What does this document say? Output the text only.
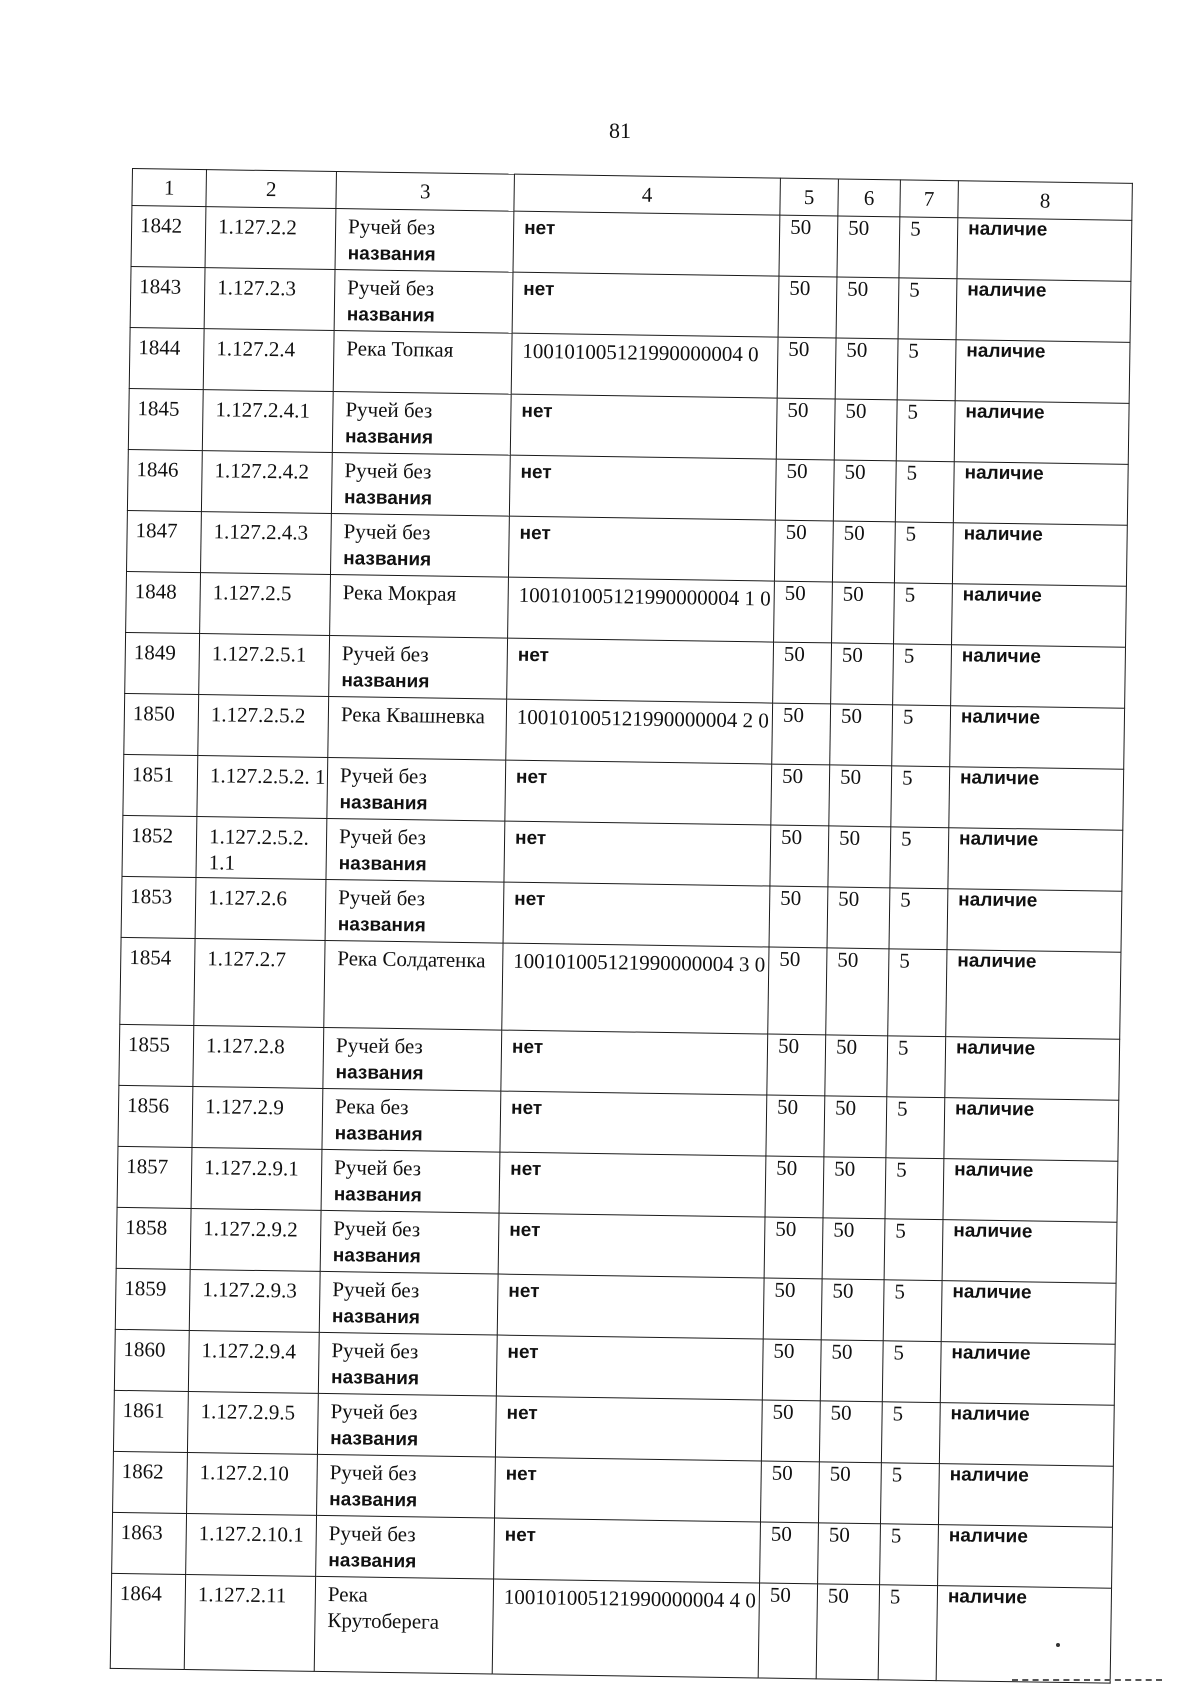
81
1	2	3	4	5	6	7	8
1842	1.127.2.2	Ручей без
названия	нет	50	50	5	наличие
1843	1.127.2.3	Ручей без
названия	нет	50	50	5	наличие
1844	1.127.2.4	Река Топкая	100101005121990000004 0	50	50	5	наличие
1845	1.127.2.4.1	Ручей без
названия	нет	50	50	5	наличие
1846	1.127.2.4.2	Ручей без
названия	нет	50	50	5	наличие
1847	1.127.2.4.3	Ручей без
названия	нет	50	50	5	наличие
1848	1.127.2.5	Река Мокрая	100101005121990000004 1 0	50	50	5	наличие
1849	1.127.2.5.1	Ручей без
названия	нет	50	50	5	наличие
1850	1.127.2.5.2	Река Квашневка	100101005121990000004 2 0	50	50	5	наличие
1851	1.127.2.5.2. 1	Ручей без
названия	нет	50	50	5	наличие
1852	1.127.2.5.2. 1.1	Ручей без
названия	нет	50	50	5	наличие
1853	1.127.2.6	Ручей без
названия	нет	50	50	5	наличие
1854	1.127.2.7	Река Солдатенка	100101005121990000004 3 0	50	50	5	наличие
1855	1.127.2.8	Ручей без
названия	нет	50	50	5	наличие
1856	1.127.2.9	Река без
названия	нет	50	50	5	наличие
1857	1.127.2.9.1	Ручей без
названия	нет	50	50	5	наличие
1858	1.127.2.9.2	Ручей без
названия	нет	50	50	5	наличие
1859	1.127.2.9.3	Ручей без
названия	нет	50	50	5	наличие
1860	1.127.2.9.4	Ручей без
названия	нет	50	50	5	наличие
1861	1.127.2.9.5	Ручей без
названия	нет	50	50	5	наличие
1862	1.127.2.10	Ручей без
названия	нет	50	50	5	наличие
1863	1.127.2.10.1	Ручей без
названия	нет	50	50	5	наличие
1864	1.127.2.11	Река
Крутоберега	100101005121990000004 4 0	50	50	5	наличие
